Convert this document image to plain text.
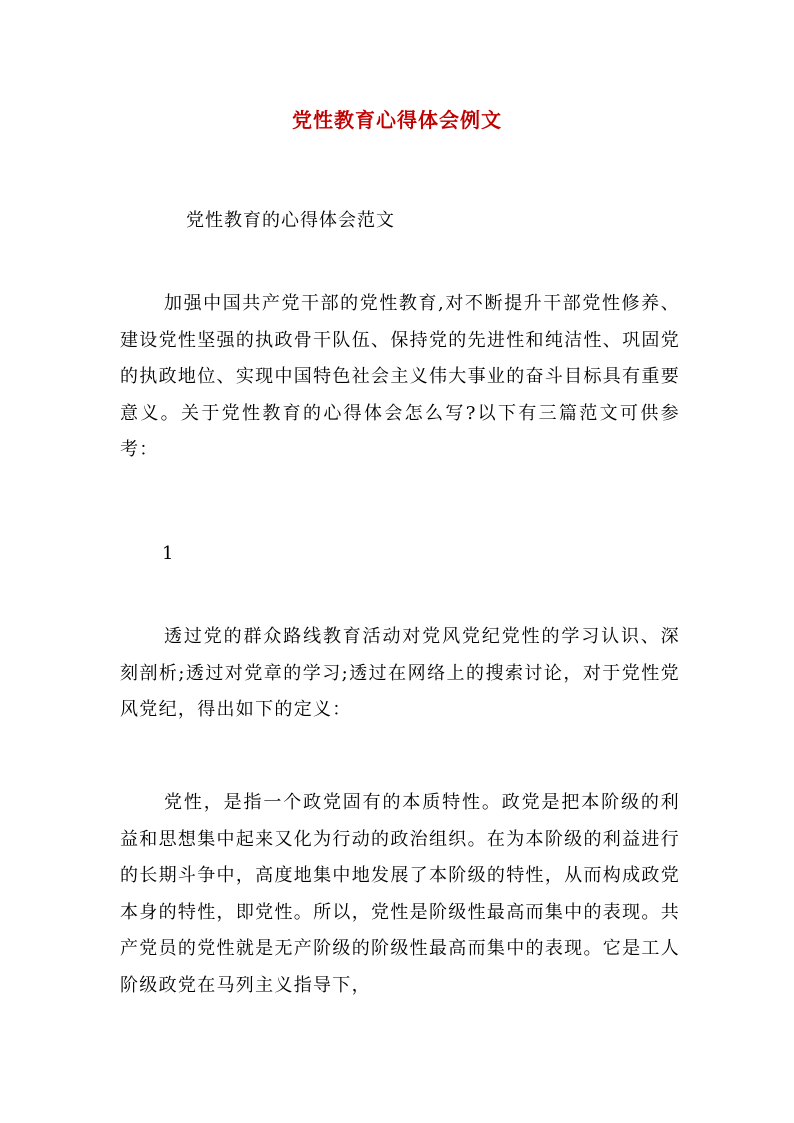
党性教育心得体会例文
党性教育的心得体会范文
加强中国共产党干部的党性教育,对不断提升干部党性修养、建设党性坚强的执政骨干队伍、保持党的先进性和纯洁性、巩固党的执政地位、实现中国特色社会主义伟大事业的奋斗目标具有重要意义。关于党性教育的心得体会怎么写?以下有三篇范文可供参考：
1
透过党的群众路线教育活动对党风党纪党性的学习认识、深刻剖析;透过对党章的学习;透过在网络上的搜索讨论，对于党性党风党纪，得出如下的定义：
党性，是指一个政党固有的本质特性。政党是把本阶级的利益和思想集中起来又化为行动的政治组织。在为本阶级的利益进行的长期斗争中，高度地集中地发展了本阶级的特性，从而构成政党本身的特性，即党性。所以，党性是阶级性最高而集中的表现。共产党员的党性就是无产阶级的阶级性最高而集中的表现。它是工人阶级政党在马列主义指导下，
